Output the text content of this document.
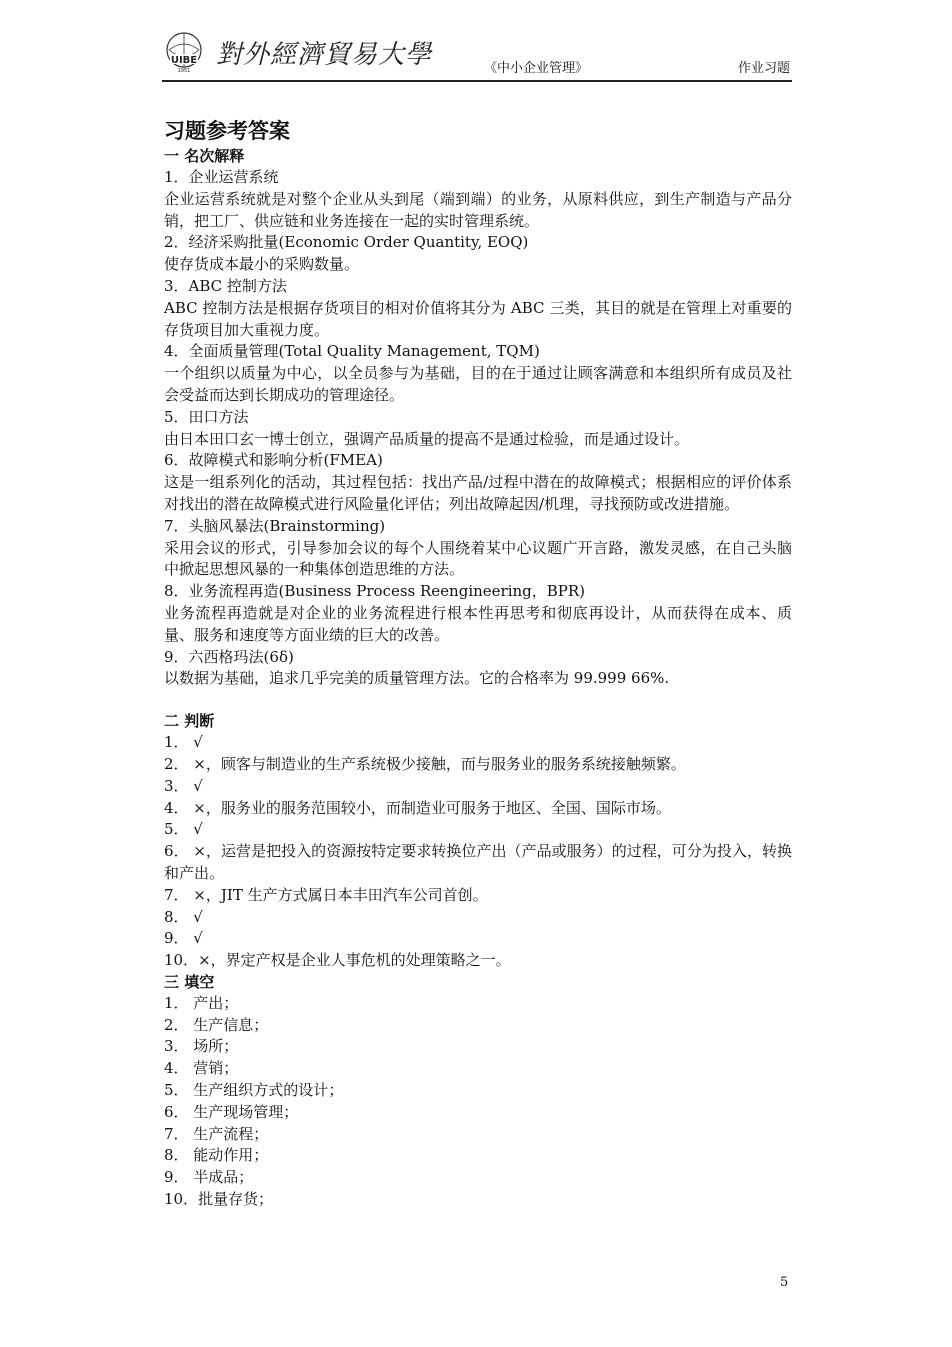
UIBE
1951
對外經濟貿易大學	《中小企业管理》	作业习题

习题参考答案

一 名次解释

1．企业运营系统

企业运营系统就是对整个企业从头到尾（端到端）的业务，从原料供应，到生产制造与产品分销，把工厂、供应链和业务连接在一起的实时管理系统。

2．经济采购批量(Economic Order Quantity, EOQ)

使存货成本最小的采购数量。

3．ABC 控制方法

ABC 控制方法是根据存货项目的相对价值将其分为 ABC 三类，其目的就是在管理上对重要的存货项目加大重视力度。

4．全面质量管理(Total Quality Management, TQM)

一个组织以质量为中心，以全员参与为基础，目的在于通过让顾客满意和本组织所有成员及社会受益而达到长期成功的管理途径。

5．田口方法

由日本田口玄一博士创立，强调产品质量的提高不是通过检验，而是通过设计。

6．故障模式和影响分析(FMEA)

这是一组系列化的活动，其过程包括：找出产品/过程中潜在的故障模式；根据相应的评价体系对找出的潜在故障模式进行风险量化评估；列出故障起因/机理，寻找预防或改进措施。

7．头脑风暴法(Brainstorming)

采用会议的形式，引导参加会议的每个人围绕着某中心议题广开言路，激发灵感，在自己头脑中掀起思想风暴的一种集体创造思维的方法。

8．业务流程再造(Business Process Reengineering，BPR)

业务流程再造就是对企业的业务流程进行根本性再思考和彻底再设计，从而获得在成本、质量、服务和速度等方面业绩的巨大的改善。

9．六西格玛法(6δ)

以数据为基础，追求几乎完美的质量管理方法。它的合格率为 99.999 66%.

二 判断

1． √

2． ×，顾客与制造业的生产系统极少接触，而与服务业的服务系统接触频繁。

3． √

4． ×，服务业的服务范围较小，而制造业可服务于地区、全国、国际市场。

5． √

6． ×，运营是把投入的资源按特定要求转换位产出（产品或服务）的过程，可分为投入，转换和产出。

7． ×，JIT 生产方式属日本丰田汽车公司首创。

8． √

9． √

10．×，界定产权是企业人事危机的处理策略之一。

三 填空

1． 产出；

2． 生产信息；

3． 场所；

4． 营销；

5． 生产组织方式的设计；

6． 生产现场管理；

7． 生产流程；

8． 能动作用；

9． 半成品；

10．批量存货；

5
